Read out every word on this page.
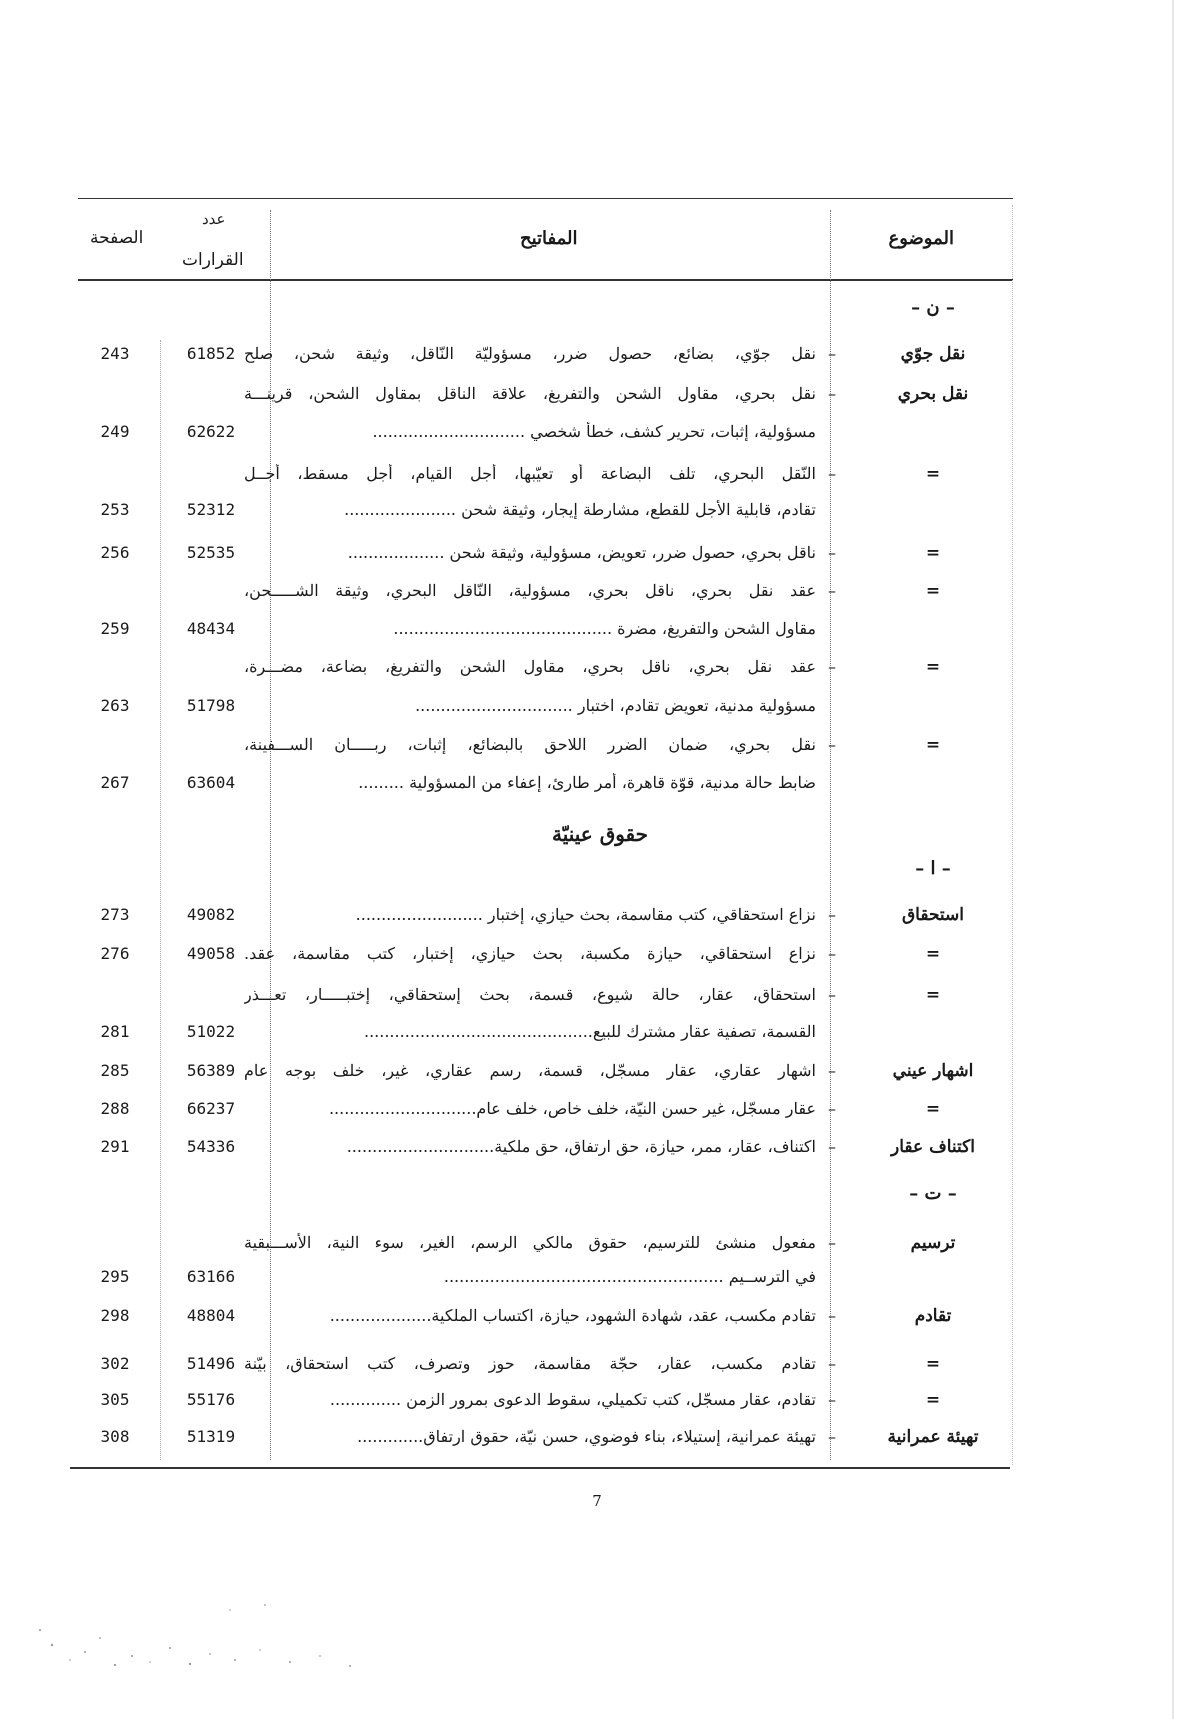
الموضوع
المفاتيح
عدد
القرارات
الصفحة
– ن –
حقوق عينيّة
– ا –
– ت –
نقل جوّي
–
نقل جوّي، بضائع، حصول ضرر، مسؤوليّة النّاقل، وثيقة شحن، صلح
61852
243
نقل بحري
–
نقل بحري، مقاول الشحن والتفريغ، علاقة الناقل بمقاول الشحن، قرينـــة
مسؤولية، إثبات، تحرير كشف، خطأ شخصي ..............................
62622
249
=
–
النّقل البحري، تلف البضاعة أو تعيّبها، أجل القيام، أجل مسقط، أجــل
تقادم، قابلية الأجل للقطع، مشارطة إيجار، وثيقة شحن ......................
52312
253
=
–
ناقل بحري، حصول ضرر، تعويض، مسؤولية، وثيقة شحن ...................
52535
256
=
–
عقد نقل بحري، ناقل بحري، مسؤولية، النّاقل البحري، وثيقة الشـــــحن،
مقاول الشحن والتفريغ، مضرة ...........................................
48434
259
=
–
عقد نقل بحري، ناقل بحري، مقاول الشحن والتفريغ، بضاعة، مضـــرة،
مسؤولية مدنية، تعويض تقادم، اختبار ...............................
51798
263
=
–
نقل بحري، ضمان الضرر اللاحق بالبضائع، إثبات، ربـــــان الســـفينة،
ضابط حالة مدنية، قوّة قاهرة، أمر طارئ، إعفاء من المسؤولية .........
63604
267
استحقاق
–
نزاع استحقاقي، كتب مقاسمة، بحث حيازي، إختبار .........................
49082
273
=
–
نزاع استحقاقي، حيازة مكسبة، بحث حيازي، إختبار، كتب مقاسمة، عقد.
49058
276
=
–
استحقاق، عقار، حالة شيوع، قسمة، بحث إستحقاقي، إختبـــــار، تعـــذر
القسمة، تصفية عقار مشترك للبيع.............................................
51022
281
اشهار عيني
–
اشهار عقاري، عقار مسجّل، قسمة، رسم عقاري، غير، خلف بوجه عام
56389
285
=
–
عقار مسجّل، غير حسن النيّة، خلف خاص، خلف عام.............................
66237
288
اكتناف عقار
–
اكتناف، عقار، ممر، حيازة، حق ارتفاق، حق ملكية.............................
54336
291
ترسيم
–
مفعول منشئ للترسيم، حقوق مالكي الرسم، الغير، سوء النية، الأســـبقية
في الترســيم .......................................................
63166
295
تقادم
–
تقادم مكسب، عقد، شهادة الشهود، حيازة، اكتساب الملكية....................
48804
298
=
–
تقادم مكسب، عقار، حجّة مقاسمة، حوز وتصرف، كتب استحقاق، بيّنة
51496
302
=
–
تقادم، عقار مسجّل، كتب تكميلي، سقوط الدعوى بمرور الزمن ..............
55176
305
تهيئة عمرانية
–
تهيئة عمرانية، إستيلاء، بناء فوضوي، حسن نيّة، حقوق ارتفاق.............
51319
308
7
